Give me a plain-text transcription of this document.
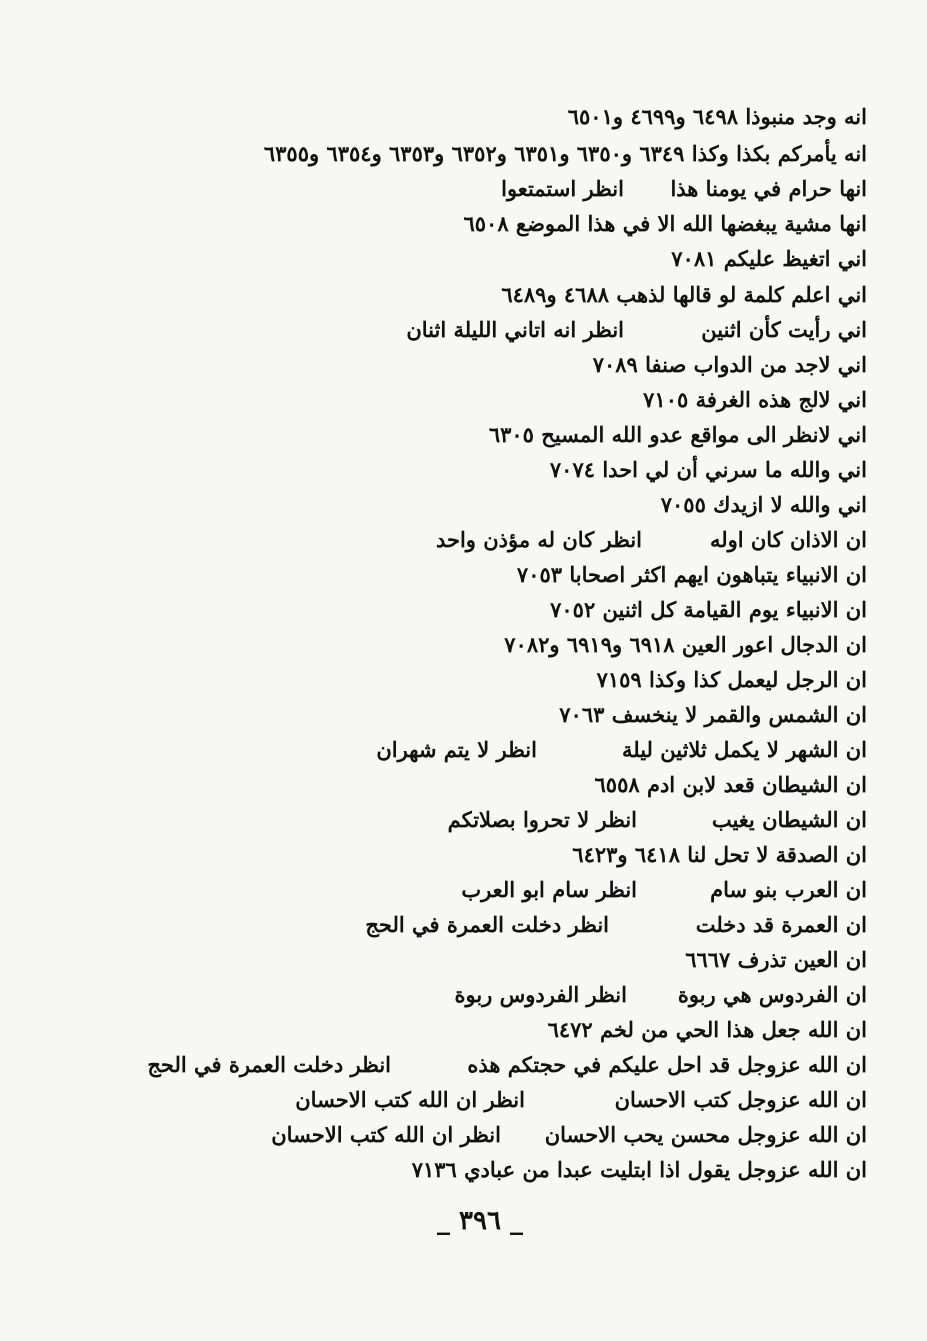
انه وجد منبوذا ٦٤٩٨ و٤٦٩٩ و٦٥٠١
انه يأمركم بكذا وكذا ٦٣٤٩ و٦٣٥٠ و٦٣٥١ و٦٣٥٢ و٦٣٥٣ و٦٣٥٤ و٦٣٥٥
انها حرام في يومنا هذا
انظر استمتعوا
انها مشية يبغضها الله الا في هذا الموضع ٦٥٠٨
اني اتغيظ عليكم ٧٠٨١
اني اعلم كلمة لو قالها لذهب ٤٦٨٨ و٦٤٨٩
اني رأيت كأن اثنين
انظر انه اتاني الليلة اثنان
اني لاجد من الدواب صنفا ٧٠٨٩
اني لالج هذه الغرفة ٧١٠٥
اني لانظر الى مواقع عدو الله المسيح ٦٣٠٥
اني والله ما سرني أن لي احدا ٧٠٧٤
اني والله لا ازيدك ٧٠٥٥
ان الاذان كان اوله
انظر كان له مؤذن واحد
ان الانبياء يتباهون ايهم اكثر اصحابا ٧٠٥٣
ان الانبياء يوم القيامة كل اثنين ٧٠٥٢
ان الدجال اعور العين ٦٩١٨ و٦٩١٩ و٧٠٨٢
ان الرجل ليعمل كذا وكذا ٧١٥٩
ان الشمس والقمر لا ينخسف ٧٠٦٣
ان الشهر لا يكمل ثلاثين ليلة
انظر لا يتم شهران
ان الشيطان قعد لابن ادم ٦٥٥٨
ان الشيطان يغيب
انظر لا تحروا بصلاتكم
ان الصدقة لا تحل لنا ٦٤١٨ و٦٤٢٣
ان العرب بنو سام
انظر سام ابو العرب
ان العمرة قد دخلت
انظر دخلت العمرة في الحج
ان العين تذرف ٦٦٦٧
ان الفردوس هي ربوة
انظر الفردوس ربوة
ان الله جعل هذا الحي من لخم ٦٤٧٢
ان الله عزوجل قد احل عليكم في حجتكم هذه
انظر دخلت العمرة في الحج
ان الله عزوجل كتب الاحسان
انظر ان الله كتب الاحسان
ان الله عزوجل محسن يحب الاحسان
انظر ان الله كتب الاحسان
ان الله عزوجل يقول اذا ابتليت عبدا من عبادي ٧١٣٦
_ ٣٩٦ _
